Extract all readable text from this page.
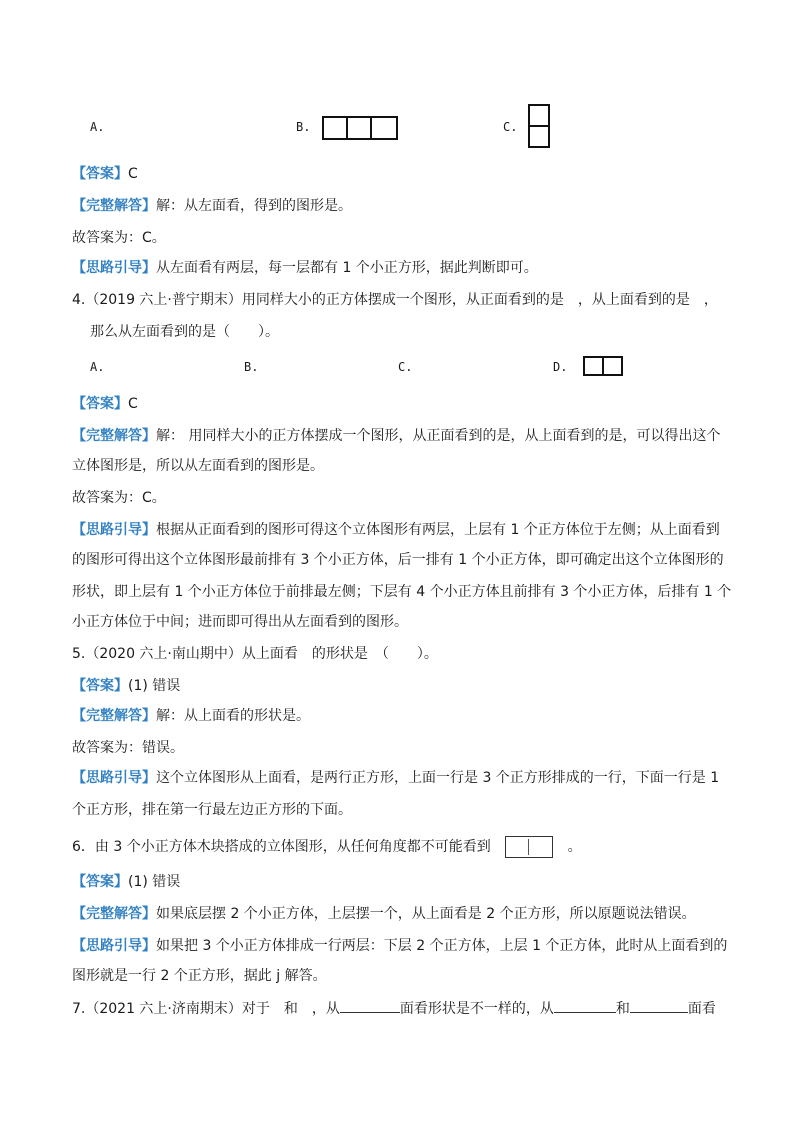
A.	B.	C.
【答案】C
【完整解答】解：从左面看，得到的图形是。
故答案为：C。
【思路引导】从左面看有两层，每一层都有 1 个小正方形，据此判断即可。
4.（2019 六上·普宁期末）用同样大小的正方体摆成一个图形，从正面看到的是　，从上面看到的是　，
那么从左面看到的是（　　）。
A.	B.	C.	D.
【答案】C
【完整解答】解： 用同样大小的正方体摆成一个图形，从正面看到的是，从上面看到的是，可以得出这个
立体图形是，所以从左面看到的图形是。
故答案为：C。
【思路引导】根据从正面看到的图形可得这个立体图形有两层，上层有 1 个正方体位于左侧；从上面看到
的图形可得出这个立体图形最前排有 3 个小正方体，后一排有 1 个小正方体，即可确定出这个立体图形的
形状，即上层有 1 个小正方体位于前排最左侧；下层有 4 个小正方体且前排有 3 个小正方体，后排有 1 个
小正方体位于中间；进而即可得出从左面看到的图形。
5.（2020 六上·南山期中）从上面看　的形状是　（　　）。
【答案】(1) 错误
【完整解答】解：从上面看的形状是。
故答案为：错误。
【思路引导】这个立体图形从上面看，是两行正方形，上面一行是 3 个正方形排成的一行，下面一行是 1
个正方形，排在第一行最左边正方形的下面。
6．由 3 个小正方体木块搭成的立体图形，从任何角度都不可能看到	。
【答案】(1) 错误
【完整解答】如果底层摆 2 个小正方体，上层摆一个，从上面看是 2 个正方形，所以原题说法错误。
【思路引导】如果把 3 个小正方体排成一行两层：下层 2 个正方体，上层 1 个正方体，此时从上面看到的
图形就是一行 2 个正方形，据此 j 解答。
7.（2021 六上·济南期末）对于　和　，从	面看形状是不一样的，从	和	面看
